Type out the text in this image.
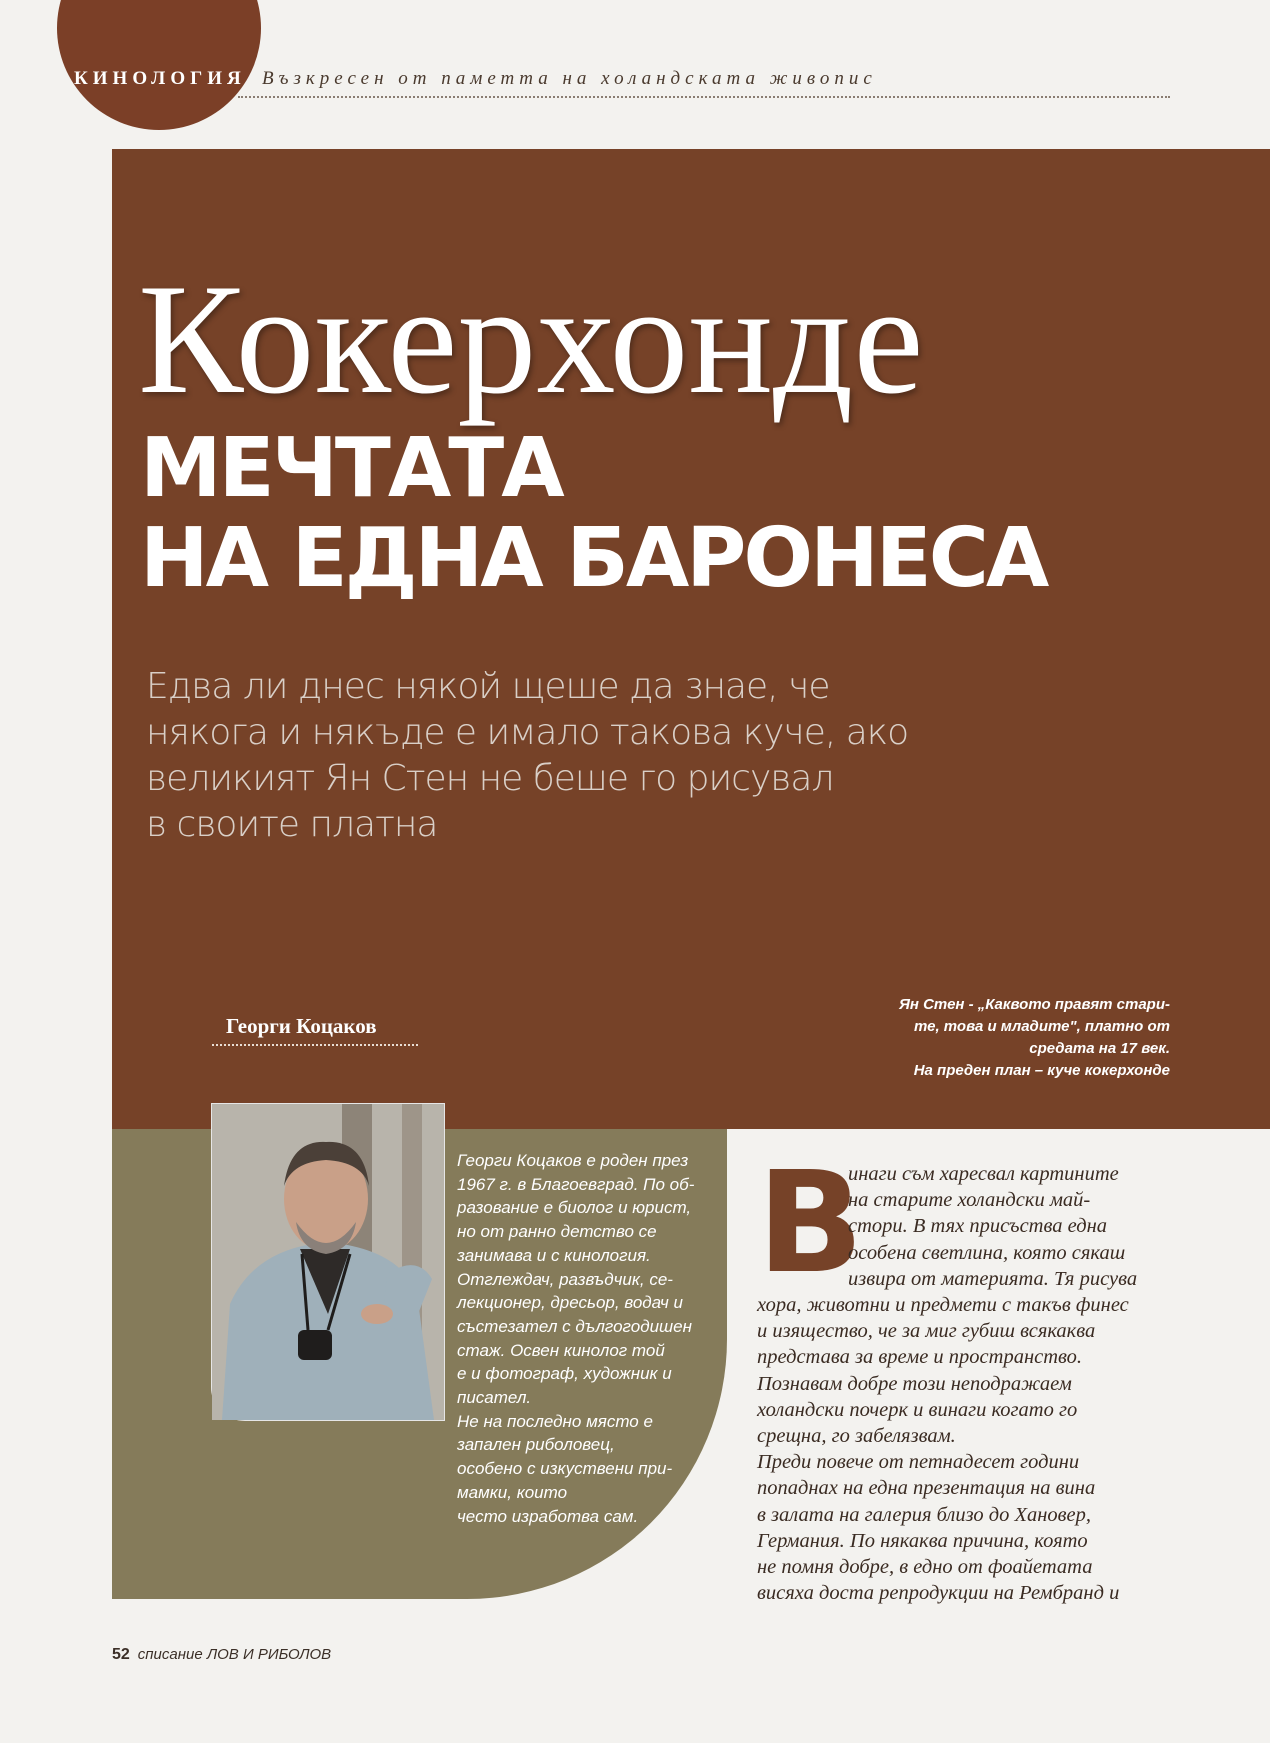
КИНОЛОГИЯ Възкресен от паметта на холандската живопис
Кокерхонде
МЕЧТАТА
НА ЕДНА БАРОНЕСА
Едва ли днес някой щеше да знае, че
някога и някъде е имало такова куче, ако
великият Ян Стен не беше го рисувал
в своите платна
Георги Коцаков
Ян Стен - „Каквото правят стари-
те, това и младите", платно от
средата на 17 век.
На преден план – куче кокерхонде
Георги Коцаков е роден през
1967 г. в Благоевград. По об-
разование е биолог и юрист,
но от ранно детство се
занимава и с кинология.
Отглеждач, развъдчик, се-
лекционер, дресьор, водач и
състезател с дългогодишен
стаж. Освен кинолог той
е и фотограф, художник и
писател.
Не на последно място е
запален риболовец,
особено с изкуствени при-
мамки, които
често изработва сам.
В
инаги съм харесвал картините
на старите холандски май-
стори. В тях присъства една
особена светлина, която сякаш
извира от материята. Тя рисува
хора, животни и предмети с такъв финес
и изящество, че за миг губиш всякаква
представа за време и пространство.
Познавам добре този неподражаем
холандски почерк и винаги когато го
срещна, го забелязвам.
Преди повече от петнадесет години
попаднах на една презентация на вина
в залата на галерия близо до Хановер,
Германия. По някаква причина, която
не помня добре, в едно от фоайетата
висяха доста репродукции на Рембранд и
52 списание ЛОВ И РИБОЛОВ
